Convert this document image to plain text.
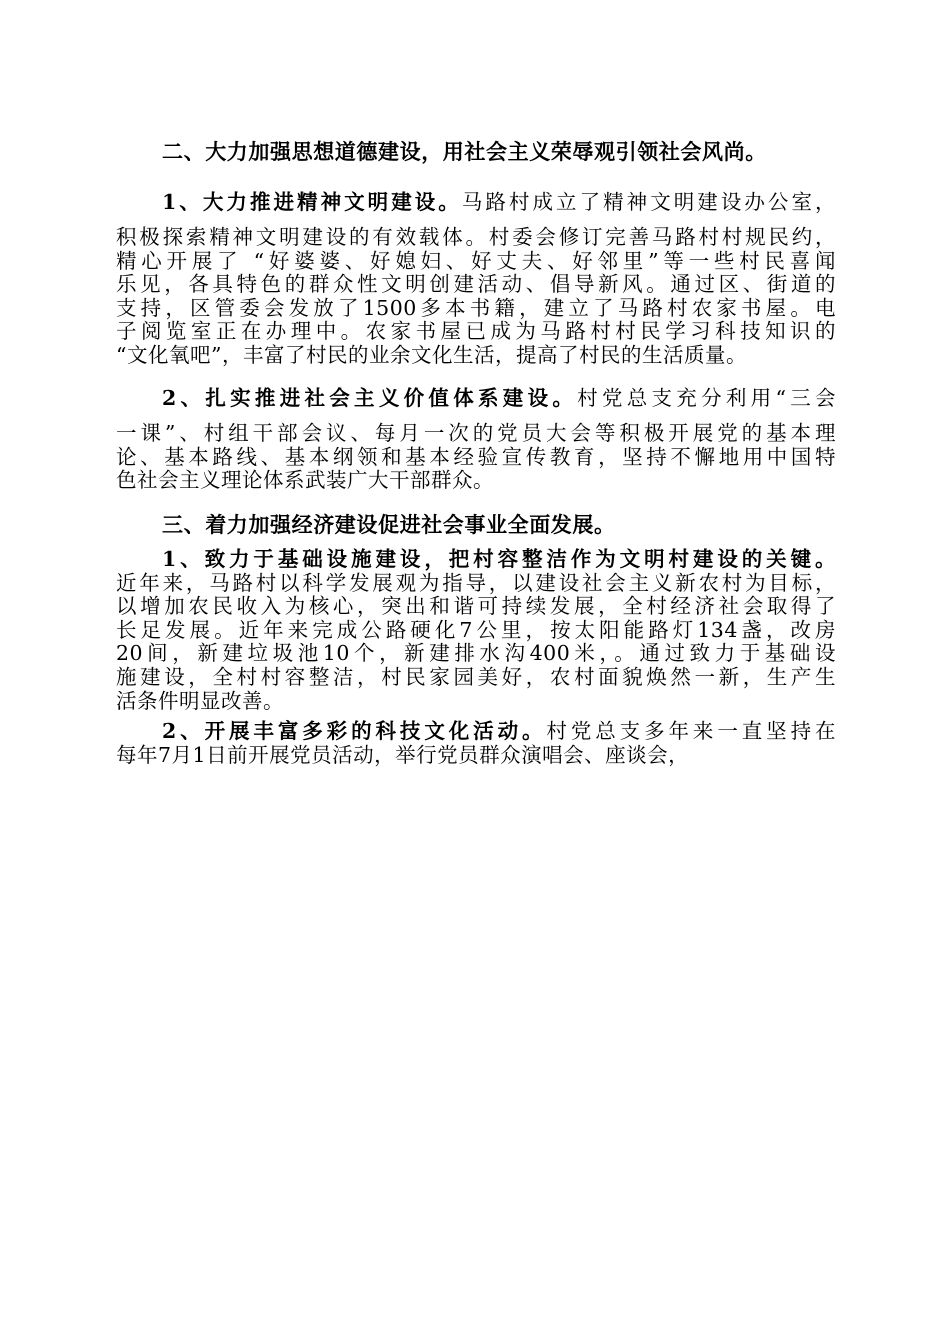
二、大力加强思想道德建设，用社会主义荣辱观引领社会风尚。
1、大力推进精神文明建设。马路村成立了精神文明建设办公室，
积极探索精神文明建设的有效载体。村委会修订完善马路村村规民约，
精心开展了 “好婆婆、好媳妇、好丈夫、好邻里”等一些村民喜闻
乐见，各具特色的群众性文明创建活动、倡导新风。通过区、街道的
支持，区管委会发放了1500多本书籍，建立了马路村农家书屋。电
子阅览室正在办理中。农家书屋已成为马路村村民学习科技知识的
“文化氧吧”，丰富了村民的业余文化生活，提高了村民的生活质量。
2、扎实推进社会主义价值体系建设。村党总支充分利用“三会
一课”、村组干部会议、每月一次的党员大会等积极开展党的基本理
论、基本路线、基本纲领和基本经验宣传教育，坚持不懈地用中国特
色社会主义理论体系武装广大干部群众。
三、着力加强经济建设促进社会事业全面发展。
1、致力于基础设施建设，把村容整洁作为文明村建设的关键。
近年来，马路村以科学发展观为指导，以建设社会主义新农村为目标，
以增加农民收入为核心，突出和谐可持续发展，全村经济社会取得了
长足发展。近年来完成公路硬化7公里，按太阳能路灯134盏，改房
20间，新建垃圾池10个，新建排水沟400米，。通过致力于基础设
施建设，全村村容整洁，村民家园美好，农村面貌焕然一新，生产生
活条件明显改善。
2、开展丰富多彩的科技文化活动。村党总支多年来一直坚持在
每年7月1日前开展党员活动，举行党员群众演唱会、座谈会，
